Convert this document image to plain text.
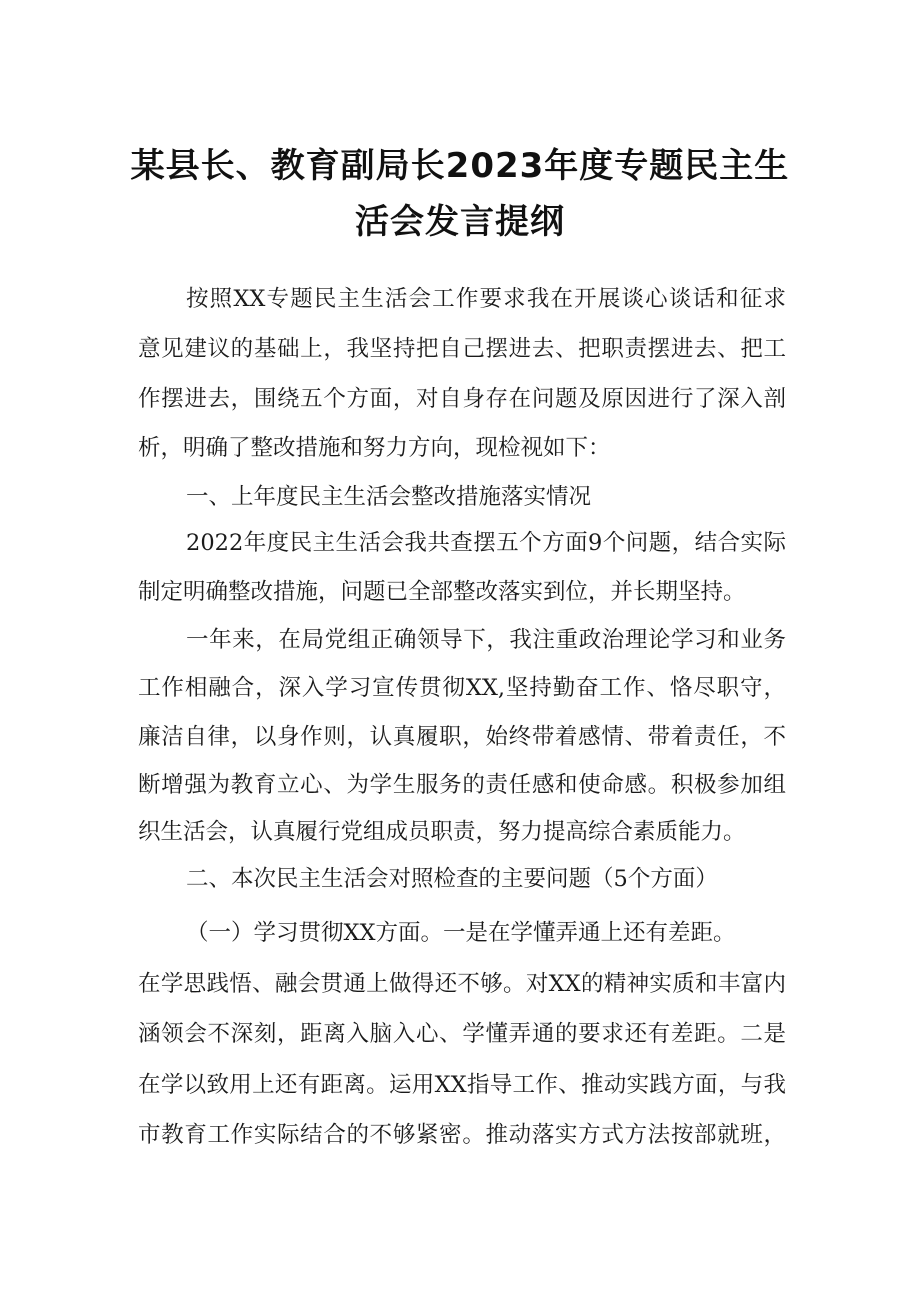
某县长、教育副局长2023年度专题民主生
活会发言提纲
按照XX专题民主生活会工作要求我在开展谈心谈话和征求
意见建议的基础上，我坚持把自己摆进去、把职责摆进去、把工
作摆进去，围绕五个方面，对自身存在问题及原因进行了深入剖
析，明确了整改措施和努力方向，现检视如下：
一、上年度民主生活会整改措施落实情况
2022年度民主生活会我共查摆五个方面9个问题，结合实际
制定明确整改措施，问题已全部整改落实到位，并长期坚持。
一年来，在局党组正确领导下，我注重政治理论学习和业务
工作相融合，深入学习宣传贯彻XX,坚持勤奋工作、恪尽职守，
廉洁自律，以身作则，认真履职，始终带着感情、带着责任，不
断增强为教育立心、为学生服务的责任感和使命感。积极参加组
织生活会，认真履行党组成员职责，努力提高综合素质能力。
二、本次民主生活会对照检查的主要问题（5个方面）
（一）学习贯彻XX方面。一是在学懂弄通上还有差距。
在学思践悟、融会贯通上做得还不够。对XX的精神实质和丰富内
涵领会不深刻，距离入脑入心、学懂弄通的要求还有差距。二是
在学以致用上还有距离。运用XX指导工作、推动实践方面，与我
市教育工作实际结合的不够紧密。推动落实方式方法按部就班，
